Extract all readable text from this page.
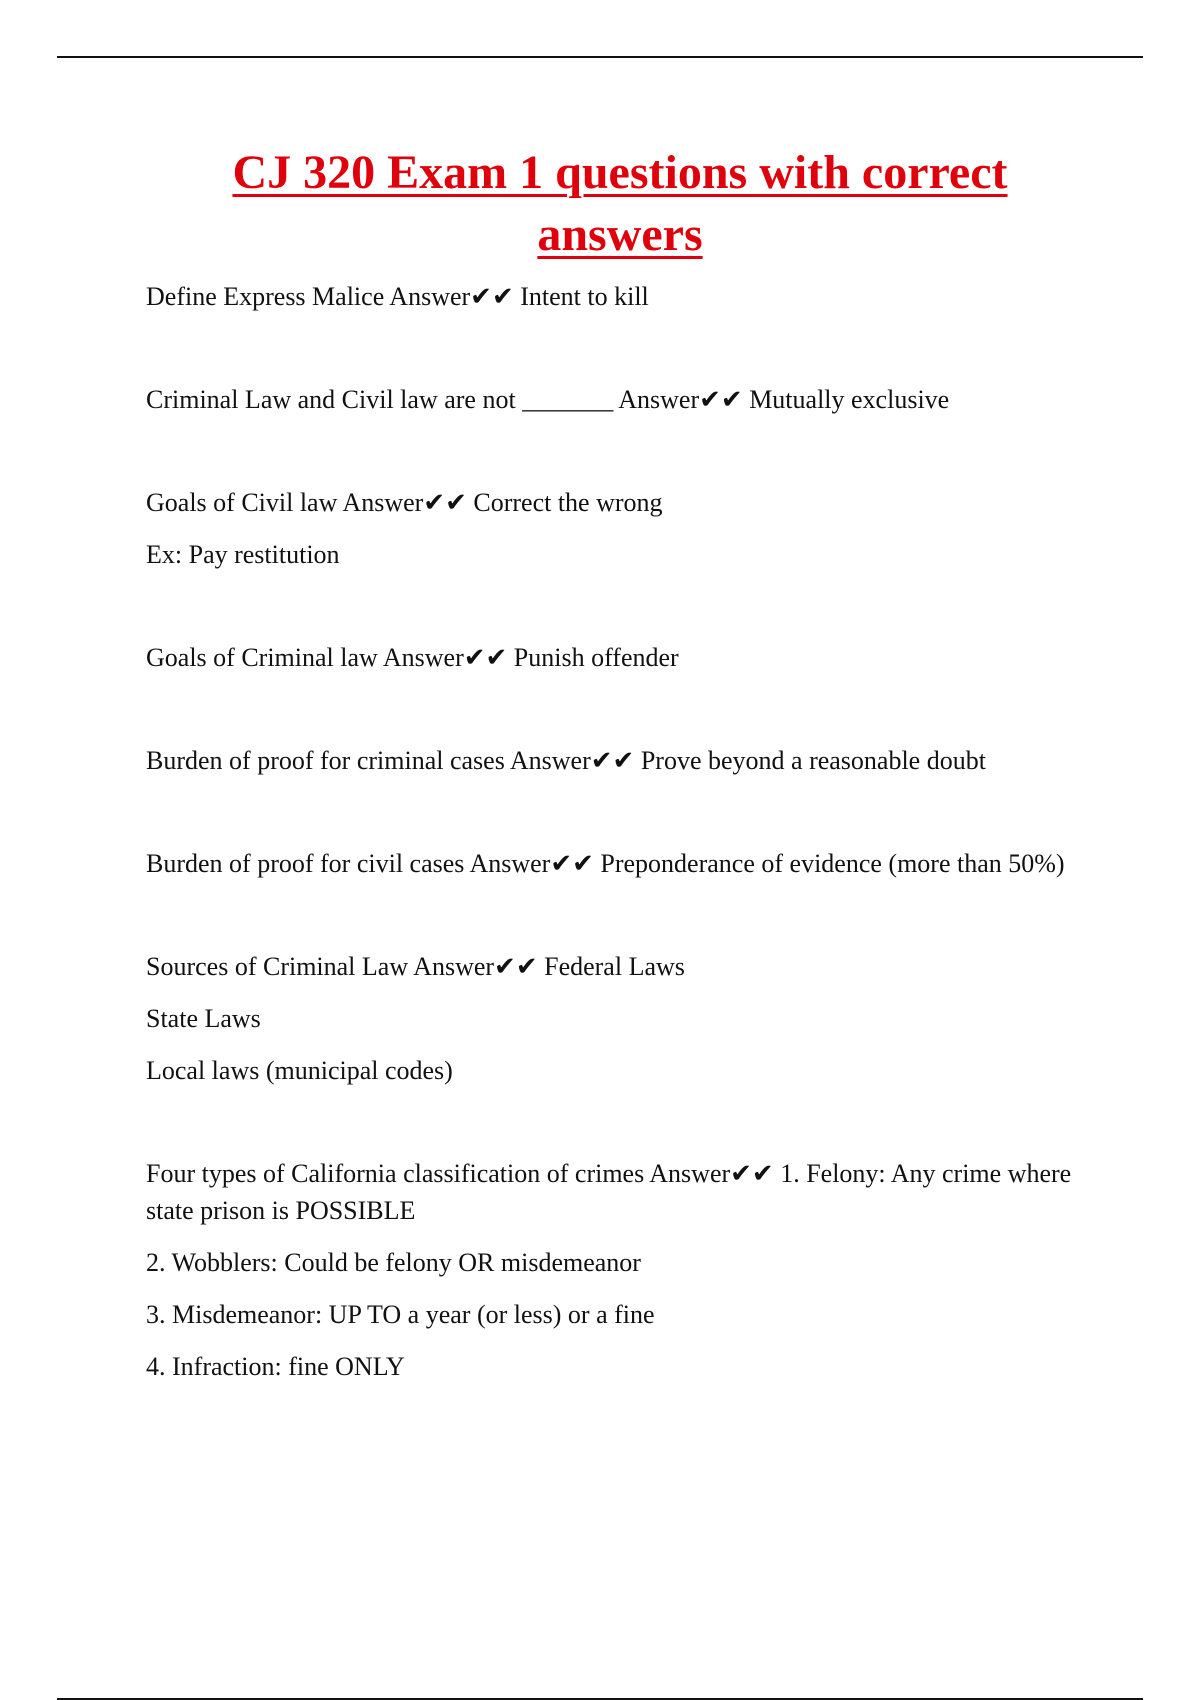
CJ 320 Exam 1 questions with correct
answers

Define Express Malice Answer✔✔ Intent to kill

Criminal Law and Civil law are not _______ Answer✔✔ Mutually exclusive

Goals of Civil law Answer✔✔ Correct the wrong

Ex: Pay restitution

Goals of Criminal law Answer✔✔ Punish offender

Burden of proof for criminal cases Answer✔✔ Prove beyond a reasonable doubt

Burden of proof for civil cases Answer✔✔ Preponderance of evidence (more than 50%)

Sources of Criminal Law Answer✔✔ Federal Laws

State Laws

Local laws (municipal codes)

Four types of California classification of crimes Answer✔✔ 1. Felony: Any crime where state prison is POSSIBLE

2. Wobblers: Could be felony OR misdemeanor

3. Misdemeanor: UP TO a year (or less) or a fine

4. Infraction: fine ONLY
